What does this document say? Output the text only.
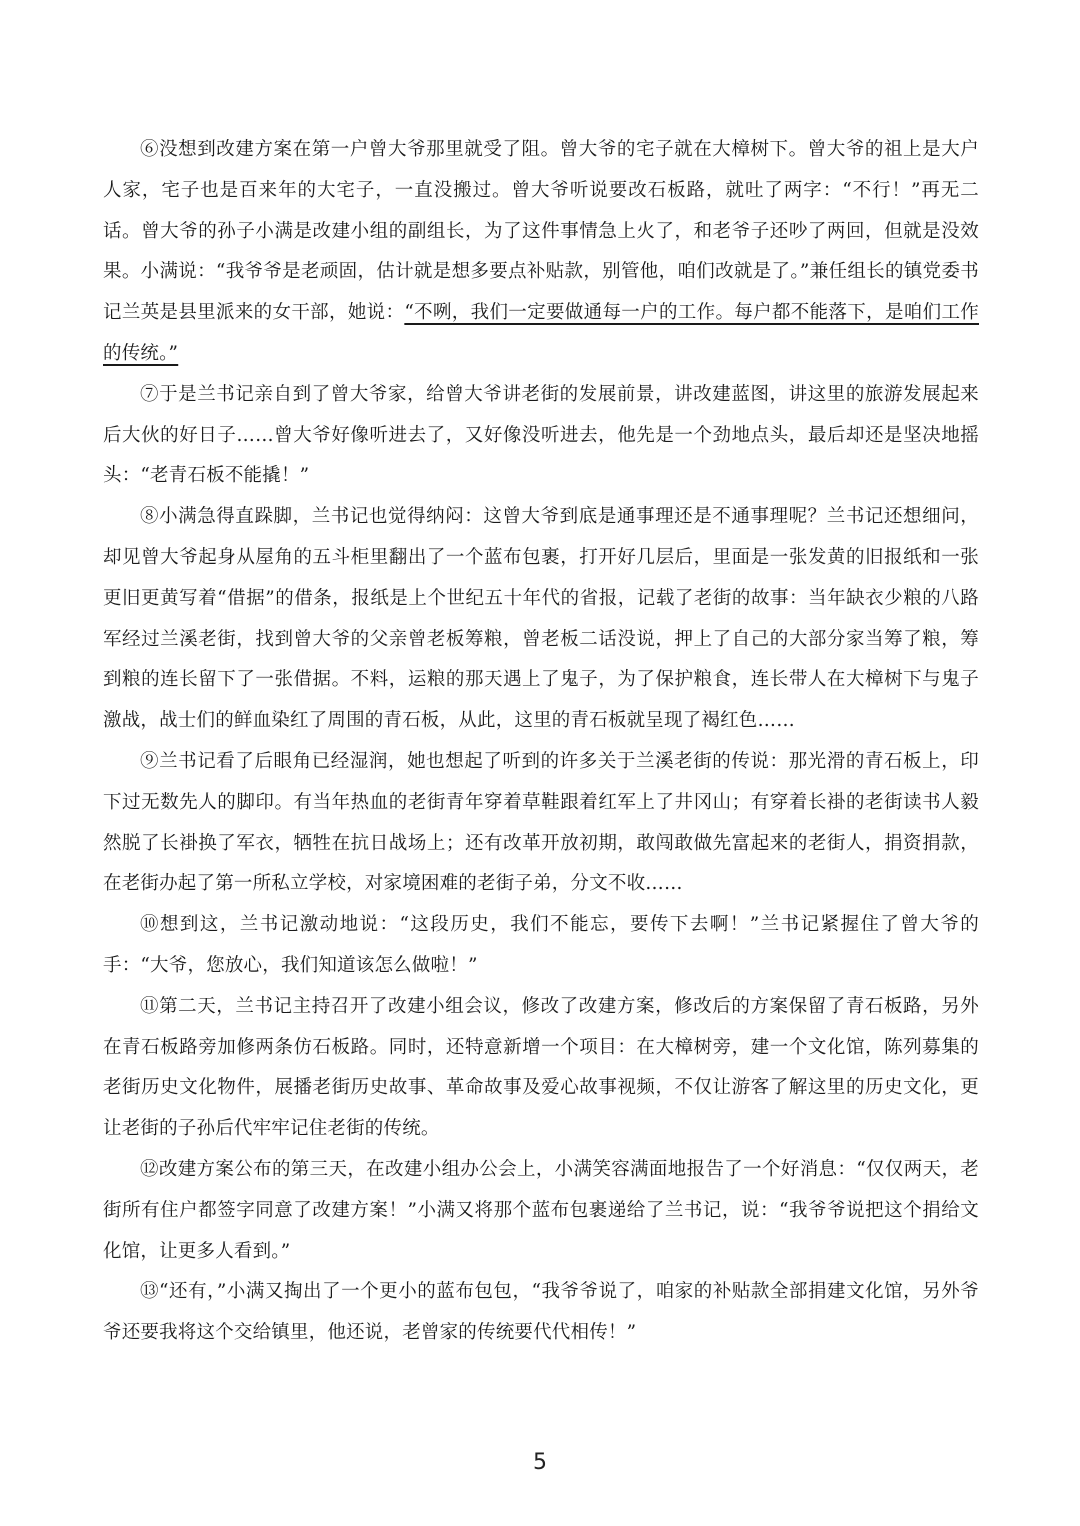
⑥没想到改建方案在第一户曾大爷那里就受了阻。曾大爷的宅子就在大樟树下。曾大爷的祖上是大户人家，宅子也是百来年的大宅子，一直没搬过。曾大爷听说要改石板路，就吐了两字：“不行！”再无二话。曾大爷的孙子小满是改建小组的副组长，为了这件事情急上火了，和老爷子还吵了两回，但就是没效果。小满说：“我爷爷是老顽固，估计就是想多要点补贴款，别管他，咱们改就是了。”兼任组长的镇党委书记兰英是县里派来的女干部，她说：“不咧，我们一定要做通每一户的工作。每户都不能落下，是咱们工作的传统。”

⑦于是兰书记亲自到了曾大爷家，给曾大爷讲老街的发展前景，讲改建蓝图，讲这里的旅游发展起来后大伙的好日子……曾大爷好像听进去了，又好像没听进去，他先是一个劲地点头，最后却还是坚决地摇头：“老青石板不能撬！”

⑧小满急得直跺脚，兰书记也觉得纳闷：这曾大爷到底是通事理还是不通事理呢？兰书记还想细问，却见曾大爷起身从屋角的五斗柜里翻出了一个蓝布包裹，打开好几层后，里面是一张发黄的旧报纸和一张更旧更黄写着“借据”的借条，报纸是上个世纪五十年代的省报，记载了老街的故事：当年缺衣少粮的八路军经过兰溪老街，找到曾大爷的父亲曾老板筹粮，曾老板二话没说，押上了自己的大部分家当筹了粮，筹到粮的连长留下了一张借据。不料，运粮的那天遇上了鬼子，为了保护粮食，连长带人在大樟树下与鬼子激战，战士们的鲜血染红了周围的青石板，从此，这里的青石板就呈现了褐红色……

⑨兰书记看了后眼角已经湿润，她也想起了听到的许多关于兰溪老街的传说：那光滑的青石板上，印下过无数先人的脚印。有当年热血的老街青年穿着草鞋跟着红军上了井冈山；有穿着长褂的老街读书人毅然脱了长褂换了军衣，牺牲在抗日战场上；还有改革开放初期，敢闯敢做先富起来的老街人，捐资捐款，在老街办起了第一所私立学校，对家境困难的老街子弟，分文不收……

⑩想到这，兰书记激动地说：“这段历史，我们不能忘，要传下去啊！”兰书记紧握住了曾大爷的手：“大爷，您放心，我们知道该怎么做啦！”

⑪第二天，兰书记主持召开了改建小组会议，修改了改建方案，修改后的方案保留了青石板路，另外在青石板路旁加修两条仿石板路。同时，还特意新增一个项目：在大樟树旁，建一个文化馆，陈列募集的老街历史文化物件，展播老街历史故事、革命故事及爱心故事视频，不仅让游客了解这里的历史文化，更让老街的子孙后代牢牢记住老街的传统。

⑫改建方案公布的第三天，在改建小组办公会上，小满笑容满面地报告了一个好消息：“仅仅两天，老街所有住户都签字同意了改建方案！”小满又将那个蓝布包裹递给了兰书记，说：“我爷爷说把这个捐给文化馆，让更多人看到。”

⑬“还有，”小满又掏出了一个更小的蓝布包包，“我爷爷说了，咱家的补贴款全部捐建文化馆，另外爷爷还要我将这个交给镇里，他还说，老曾家的传统要代代相传！”

5
